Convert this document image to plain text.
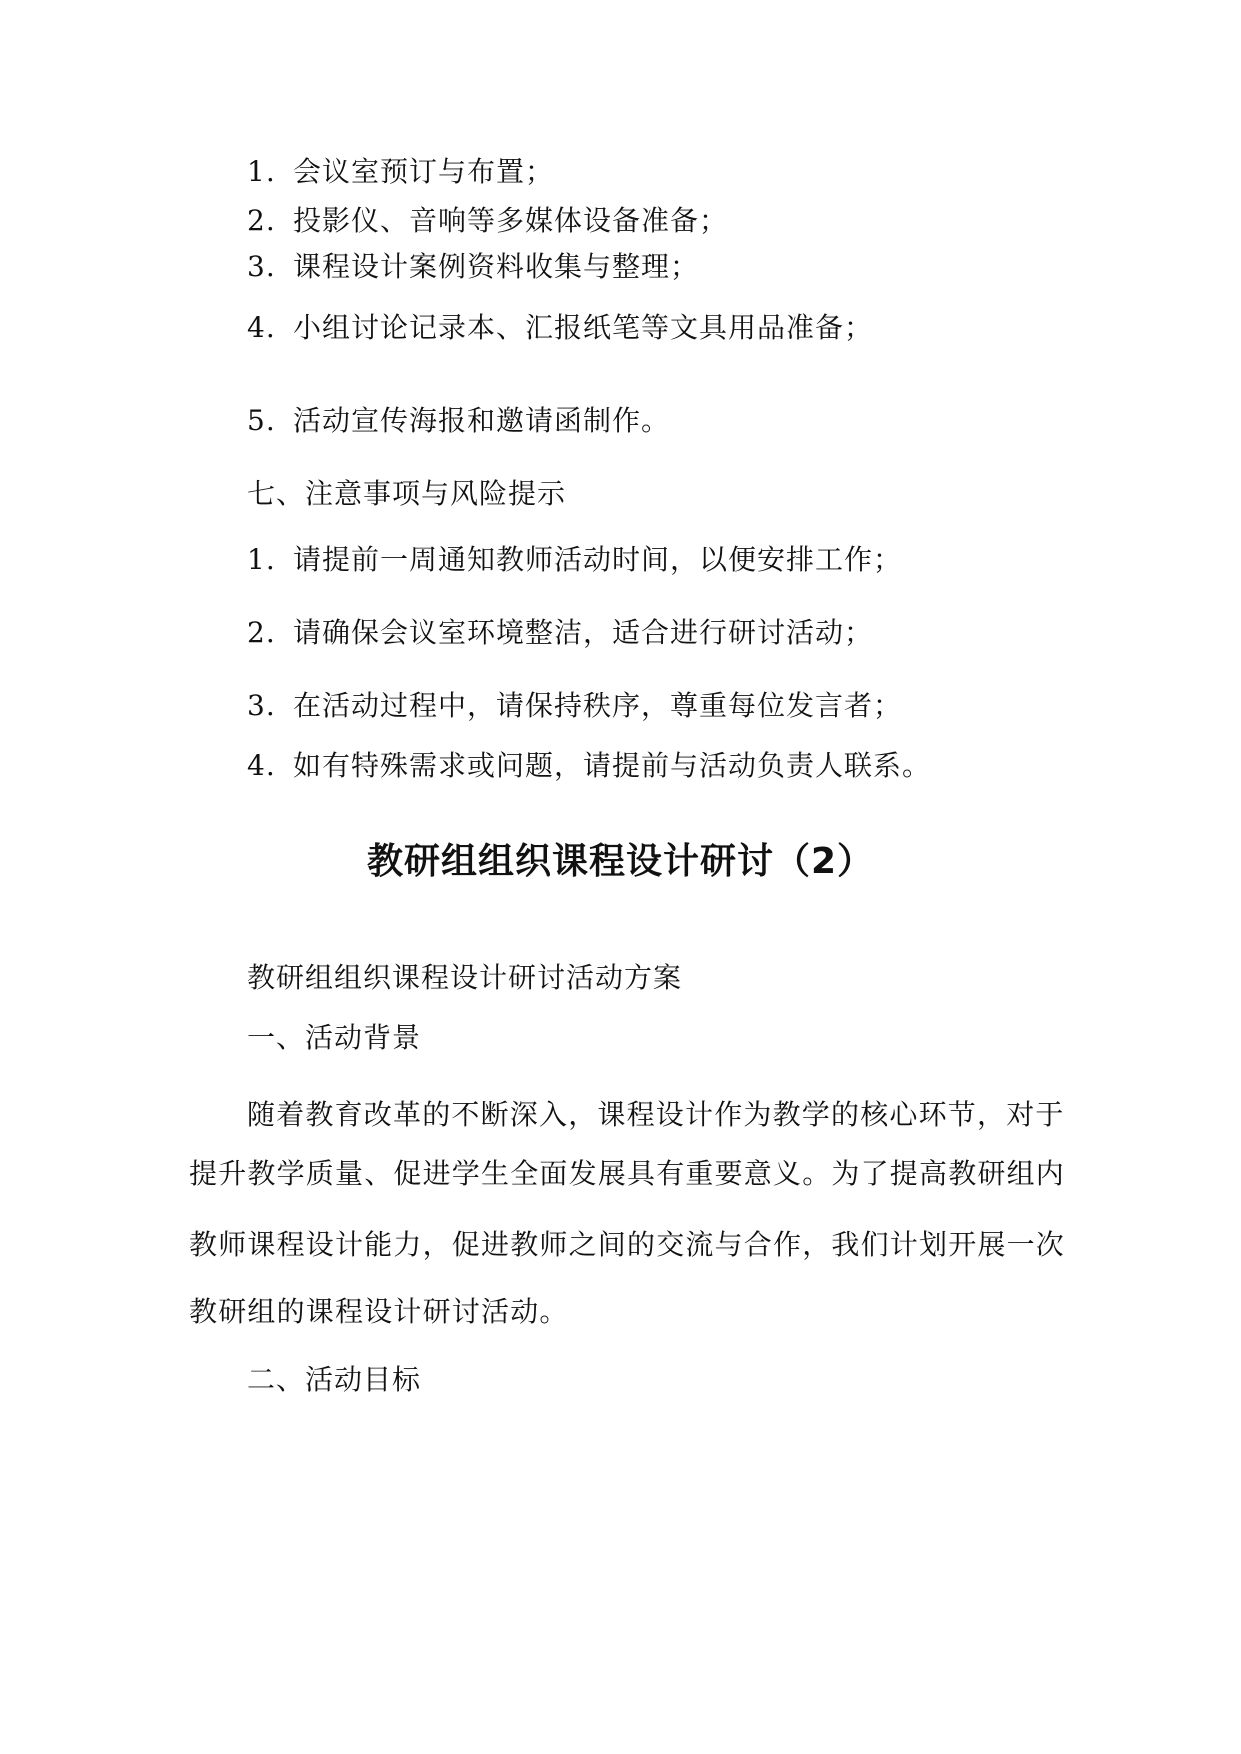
1. 会议室预订与布置；
2. 投影仪、音响等多媒体设备准备；
3. 课程设计案例资料收集与整理；
4. 小组讨论记录本、汇报纸笔等文具用品准备；
5. 活动宣传海报和邀请函制作。
七、注意事项与风险提示
1. 请提前一周通知教师活动时间，以便安排工作；
2. 请确保会议室环境整洁，适合进行研讨活动；
3. 在活动过程中，请保持秩序，尊重每位发言者；
4. 如有特殊需求或问题，请提前与活动负责人联系。
教研组组织课程设计研讨（2）
教研组组织课程设计研讨活动方案
一、活动背景
随着教育改革的不断深入，课程设计作为教学的核心环节，对于
提升教学质量、促进学生全面发展具有重要意义。为了提高教研组内
教师课程设计能力，促进教师之间的交流与合作，我们计划开展一次
教研组的课程设计研讨活动。
二、活动目标
